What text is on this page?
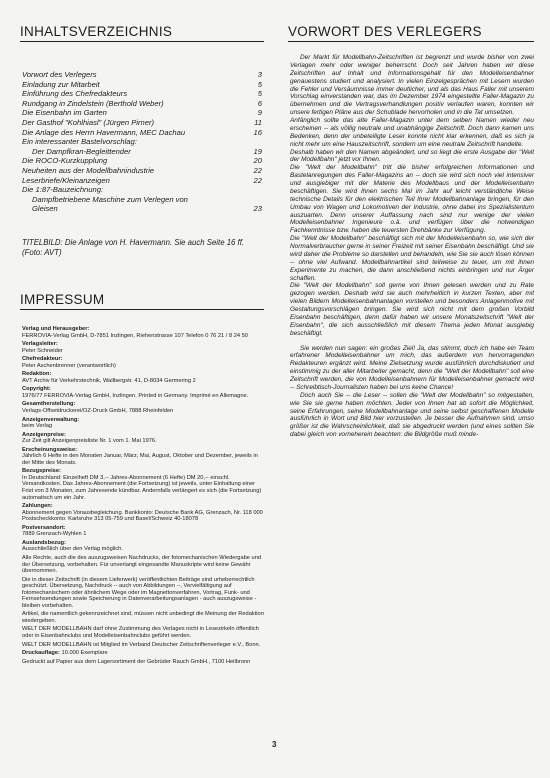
INHALTSVERZEICHNIS
Vorwort des Verlegers	3
Einladung zur Mitarbeit	5
Einführung des Chefredakteurs	5
Rundgang in Zindelstein (Berthold Weber)	6
Die Eisenbahn im Garten	9
Der Gasthof "Kohlhiasl" (Jürgen Pirner)	11
Die Anlage des Herrn Havermann, MEC Dachau	16
Ein interessanter Bastelvorschlag:
Der Dampfkran-Begleittender	19
Die ROCO-Kurzkupplung	20
Neuheiten aus der Modellbahnindustrie	22
Leserbriefe/Kleinanzeigen	22
Die 1:87-Bauzeichnung:
Dampfbetriebene Maschine zum Verlegen von
Gleisen	23
TITELBILD: Die Anlage von H. Havermann. Sie auch Seite 16 ff. (Foto: AVT)
IMPRESSUM
Verlag und Herausgeber:
FERROVIA-Verlag GmbH, D-7851 Inzlingen, Riehenstrasse 107 Telefon 0 76 21 / 8 24 50
Verlagsleiter:
Peter Schneider
Chefredakteur:
Peter Aschenbrenner (verantwortlich)
Redaktion:
AVT Archiv für Verkehrstechnik, Wallbergstr. 41, D-8034 Germering 2
Copyright:
1976/77 FERROVIA-Verlag GmbH, Inzlingen. Printed in Germany. Imprimé en Allemagne.
Gesamtherstellung:
Verlags-Offsetdruckerei/OZ-Druck GmbH, 7888 Rheinfelden
Anzeigenverwaltung:
beim Verlag
Anzeigenpreise:
Zur Zeit gilt Anzeigenpreisliste Nr. 1 vom 1. Mai 1976.
Erscheinungsweise:
Jährlich 6 Hefte in den Monaten Januar, März, Mai, August, Oktober und Dezember, jeweils in der Mitte des Monats.
Bezugspreise:
In Deutschland: Einzelheft DM 3,-- Jahres-Abonnement (6 Hefte) DM 20,-- einschl. Versandkosten. Das Jahres-Abonnement (die Fortsetzung) ist jeweils, unter Einhaltung einer Frist von 3 Monaten, zum Jahresende kündbar. Andernfalls verlängert es sich (die Fortsetzung) automatisch um ein Jahr.
Zahlungen:
Abonnement gegen Vorausbegleichung. Bankkonto: Deutsche Bank AG, Grenzach, Nr. 118 000 Postscheckkonto: Karlsruhe 313 05-759 und Basel/Schweiz 40-18078
Postversandort:
7889 Grenzach-Wyhlen 1
Auslandsbezug:
Ausschließlich über den Verlag möglich.
Alle Rechte, auch die des auszugsweisen Nachdrucks, der fotomechanischen Wiedergabe und der Übersetzung, vorbehalten. Für unverlangt eingesandte Manuskripte wird keine Gewähr übernommen.
Die in dieser Zeitschrift (in diesem Lieferwerk) veröffentlichten Beiträge sind urheberrechtlich geschützt. Übersetzung, Nachdruck -- auch von Abbildungen --, Vervielfältigung auf fotomechanischem oder ähnlichem Wege oder im Magnettonverfahren, Vortrag, Funk- und Fernsehsendungen sowie Speicherung in Datenverarbeitungsanlagen - auch auszugsweise - bleiben vorbehalten.
Artikel, die namentlich gekennzeichnet sind, müssen nicht unbedingt die Meinung der Redaktion wiedergeben.
WELT DER MODELLBAHN darf ohne Zustimmung des Verlages nicht in Lesezirkeln öffentlich oder in Eisenbahnclubs und Modelleisenbahnclubs geführt werden.
WELT DER MODELLBAHN ist Mitglied im Verband Deutscher Zeitschriftenverleger e.V., Bonn.
Druckauflage: 10.000 Exemplare
Gedruckt auf Papier aus dem Lagersortiment der Gebrüder Rauch GmbH., 7100 Heilbronn
VORWORT DES VERLEGERS

Der Markt für Modellbahn-Zeitschriften ist begrenzt und wurde bisher von zwei Verlagen mehr oder weniger beherrscht. Doch seit Jahren haben wir diese Zeitschriften auf Inhalt und Informationsgehalt für den Modelleisenbahner genauestens studiert und analysiert. In vielen Einzelgesprächen mit Lesern wurden die Fehler und Versäumnisse immer deutlicher, und als das Haus Faller mit unserem Vorschlag einverstanden war, das im Dezember 1974 eingestellte Faller-Magazin zu übernehmen und die Vertragsverhandlungen positiv verlaufen waren, konnten wir unsere fertigen Pläne aus der Schublade hervorholen und in die Tat umsetzen.

Anfänglich sollte das alte Faller-Magazin unter dem selben Namen wieder neu erscheinen -- als völlig neutrale und unabhängige Zeitschrift. Doch dann kamen uns Bedenken, denn der unbeteiligte Leser konnte nicht klar erkennen, daß es sich ja nicht mehr um eine Hauszeitschrift, sondern um eine neutrale Zeitschrift handelte.

Deshalb haben wir den Namen abgeändert, und so liegt die erste Ausgabe der "Welt der Modellbahn" jetzt vor Ihnen.

Die "Welt der Modellbahn" tritt die bisher erfolgreichen Informationen und Bastelanregungen des Faller-Magazins an -- doch sie wird sich noch viel intensiver und ausgiebiger mit der Materie des Modellbaus und der Modelleisenbahn beschäftigen. Sie wird Ihnen sechs Mal im Jahr auf leicht verständliche Weise technische Details für den elektrischen Teil Ihrer Modellbahnanlage bringen, für den Umbau von Wagen und Lokomotiven der Industrie, ohne dabei ins Spezialistentum auszuarten. Denn unserer Auffassung nach sind nur wenige der vielen Modelleisenbahner Ingenieure o.ä. und verfügen über die notwendigen Fachkenntnisse bzw. haben die teuersten Drehbänke zur Verfügung.

Die "Welt der Modellbahn" beschäftigt sich mit der Modelleisenbahn so, wie sich der Normalverbraucher gerne in seiner Freizeit mit seiner Eisenbahn beschäftigt. Und sie wird daher die Probleme so darstellen und behandeln, wie Sie sie auch lösen können -- ohne viel Aufwand. Modellbahnartikel sind teilweise zu teuer, um mit ihnen Experimente zu machen, die dann anschließend nichts einbringen und nur Ärger schaffen.

Die "Welt der Modellbahn" soll gerne von Ihnen gelesen werden und zu Rate gezogen werden. Deshalb wird sie auch mehrheitlich in kurzen Texten, aber mit vielen Bildern Modelleisenbahnanlagen vorstellen und besonders Anlagenmotive mit Gestaltungsvorschlägen bringen. Sie wird sich nicht mit dem großen Vorbild Eisenbahn beschäftigen, denn dafür haben wir unsere Monatszeitschrift "Welt der Eisenbahn", die sich ausschließlich mit diesem Thema jeden Monat ausgiebig beschäftigt.

Sie werden nun sagen: ein großes Ziel! Ja, das stimmt, doch ich habe ein Team erfahrener Modelleisenbahner um mich, das außerdem von hervorragenden Redakteuren ergänzt wird. Meine Zielsetzung wurde ausführlich durchdiskutiert und einstimmig zu der aller Mitarbeiter gemacht, denn die "Welt der Modellbahn" soll eine Zeitschrift werden, die von Modelleisenbahnern für Modelleisenbahner gemacht wird -- Schreibtisch-Journalisten haben bei uns keine Chance!

Doch auch Sie -- die Leser -- sollen die "Welt der Modellbahn" so mitgestalten, wie Sie sie gerne haben möchten. Jeder von Ihnen hat ab sofort die Möglichkeit, seine Erfahrungen, seine Modellbahnanlage und seine selbst geschaffenen Modelle ausführlich in Wort und Bild hier vorzustellen. Je besser die Aufnahmen sind, umso größer ist die Wahrscheinlichkeit, daß sie abgedruckt werden (und eines sollten Sie dabei gleich von vorneherein beachten: die Bildgröße muß minde-

3
